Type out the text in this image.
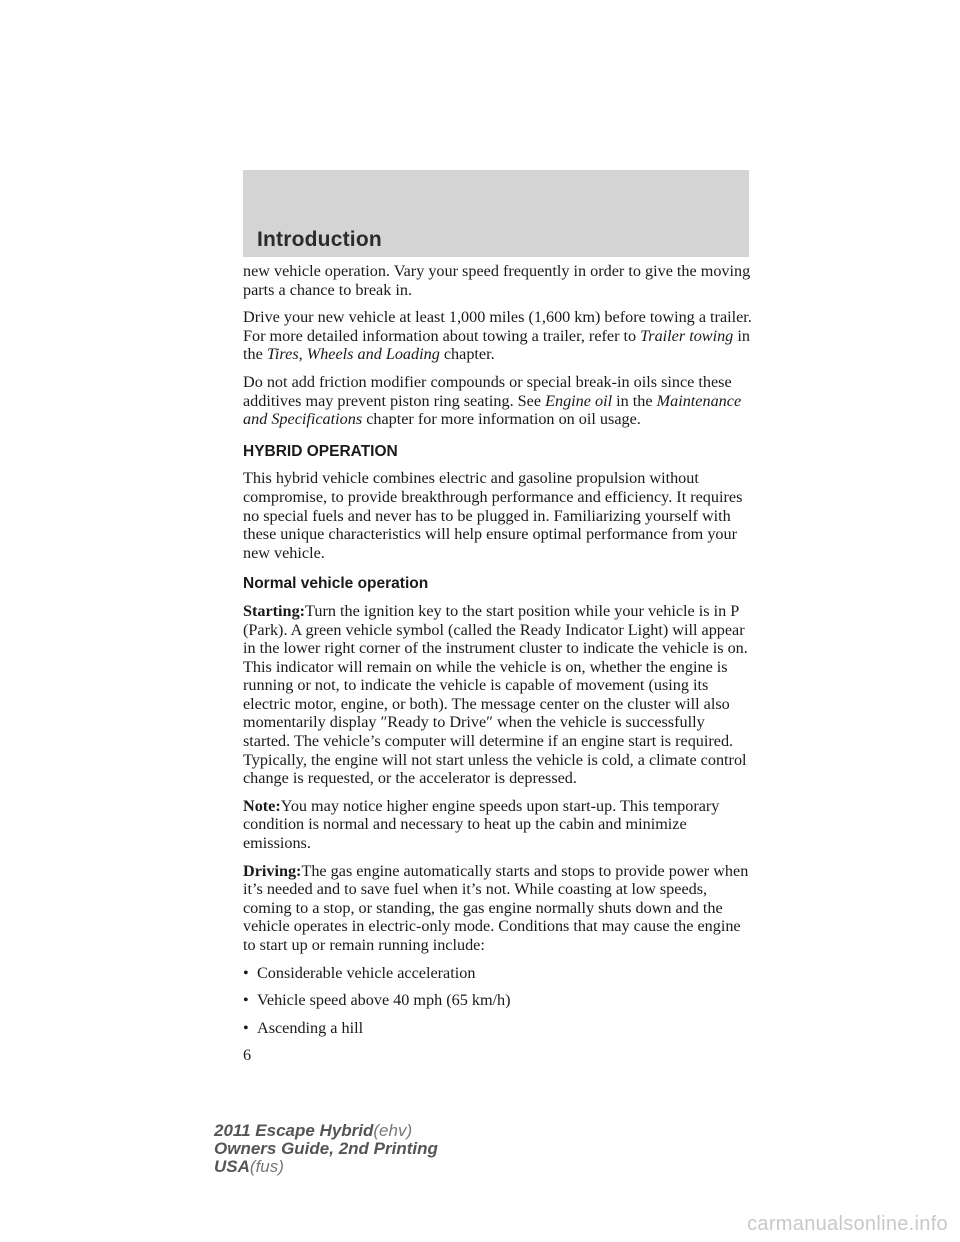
Introduction

new vehicle operation. Vary your speed frequently in order to give the moving parts a chance to break in.

Drive your new vehicle at least 1,000 miles (1,600 km) before towing a trailer. For more detailed information about towing a trailer, refer to Trailer towing in the Tires, Wheels and Loading chapter.

Do not add friction modifier compounds or special break-in oils since these additives may prevent piston ring seating. See Engine oil in the Maintenance and Specifications chapter for more information on oil usage.

HYBRID OPERATION

This hybrid vehicle combines electric and gasoline propulsion without compromise, to provide breakthrough performance and efficiency. It requires no special fuels and never has to be plugged in. Familiarizing yourself with these unique characteristics will help ensure optimal performance from your new vehicle.

Normal vehicle operation

Starting:Turn the ignition key to the start position while your vehicle is in P (Park). A green vehicle symbol (called the Ready Indicator Light) will appear in the lower right corner of the instrument cluster to indicate the vehicle is on. This indicator will remain on while the vehicle is on, whether the engine is running or not, to indicate the vehicle is capable of movement (using its electric motor, engine, or both). The message center on the cluster will also momentarily display ″Ready to Drive″ when the vehicle is successfully started. The vehicle’s computer will determine if an engine start is required. Typically, the engine will not start unless the vehicle is cold, a climate control change is requested, or the accelerator is depressed.

Note:You may notice higher engine speeds upon start-up. This temporary condition is normal and necessary to heat up the cabin and minimize emissions.

Driving:The gas engine automatically starts and stops to provide power when it’s needed and to save fuel when it’s not. While coasting at low speeds, coming to a stop, or standing, the gas engine normally shuts down and the vehicle operates in electric-only mode. Conditions that may cause the engine to start up or remain running include:

• Considerable vehicle acceleration
• Vehicle speed above 40 mph (65 km/h)
• Ascending a hill
6
2011 Escape Hybrid(ehv)
Owners Guide, 2nd Printing
USA(fus)
carmanualsonline.info
